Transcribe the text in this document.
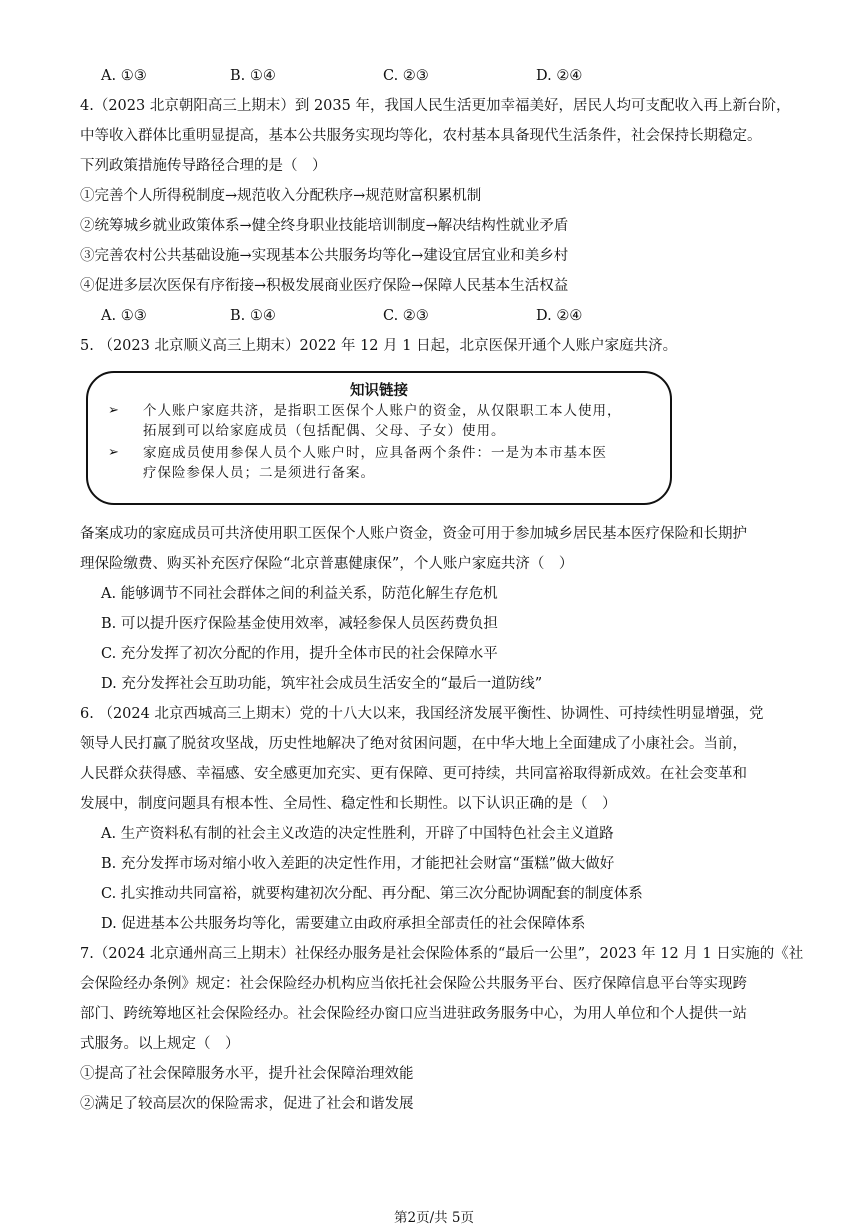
A. ①③	B. ①④	C. ②③	D. ②④
4.（2023 北京朝阳高三上期末）到 2035 年，我国人民生活更加幸福美好，居民人均可支配收入再上新台阶，
中等收入群体比重明显提高，基本公共服务实现均等化，农村基本具备现代生活条件，社会保持长期稳定。
下列政策措施传导路径合理的是（　）
①完善个人所得税制度→规范收入分配秩序→规范财富积累机制
②统筹城乡就业政策体系→健全终身职业技能培训制度→解决结构性就业矛盾
③完善农村公共基础设施→实现基本公共服务均等化→建设宜居宜业和美乡村
④促进多层次医保有序衔接→积极发展商业医疗保险→保障人民基本生活权益
A. ①③	B. ①④	C. ②③	D. ②④
5. （2023 北京顺义高三上期末）2022 年 12 月 1 日起，北京医保开通个人账户家庭共济。
知识链接
➢ 个人账户家庭共济，是指职工医保个人账户的资金，从仅限职工本人使用，
拓展到可以给家庭成员（包括配偶、父母、子女）使用。
➢ 家庭成员使用参保人员个人账户时，应具备两个条件：一是为本市基本医
疗保险参保人员；二是须进行备案。
备案成功的家庭成员可共济使用职工医保个人账户资金，资金可用于参加城乡居民基本医疗保险和长期护
理保险缴费、购买补充医疗保险“北京普惠健康保”，个人账户家庭共济（　）
A. 能够调节不同社会群体之间的利益关系，防范化解生存危机
B. 可以提升医疗保险基金使用效率，减轻参保人员医药费负担
C. 充分发挥了初次分配的作用，提升全体市民的社会保障水平
D. 充分发挥社会互助功能，筑牢社会成员生活安全的“最后一道防线”
6. （2024 北京西城高三上期末）党的十八大以来，我国经济发展平衡性、协调性、可持续性明显增强，党
领导人民打赢了脱贫攻坚战，历史性地解决了绝对贫困问题，在中华大地上全面建成了小康社会。当前，
人民群众获得感、幸福感、安全感更加充实、更有保障、更可持续，共同富裕取得新成效。在社会变革和
发展中，制度问题具有根本性、全局性、稳定性和长期性。以下认识正确的是（　）
A. 生产资料私有制的社会主义改造的决定性胜利，开辟了中国特色社会主义道路
B. 充分发挥市场对缩小收入差距的决定性作用，才能把社会财富“蛋糕”做大做好
C. 扎实推动共同富裕，就要构建初次分配、再分配、第三次分配协调配套的制度体系
D. 促进基本公共服务均等化，需要建立由政府承担全部责任的社会保障体系
7.（2024 北京通州高三上期末）社保经办服务是社会保险体系的“最后一公里”，2023 年 12 月 1 日实施的《社
会保险经办条例》规定：社会保险经办机构应当依托社会保险公共服务平台、医疗保障信息平台等实现跨
部门、跨统筹地区社会保险经办。社会保险经办窗口应当进驻政务服务中心，为用人单位和个人提供一站
式服务。以上规定（　）
①提高了社会保障服务水平，提升社会保障治理效能
②满足了较高层次的保险需求，促进了社会和谐发展
第2页/共 5页
